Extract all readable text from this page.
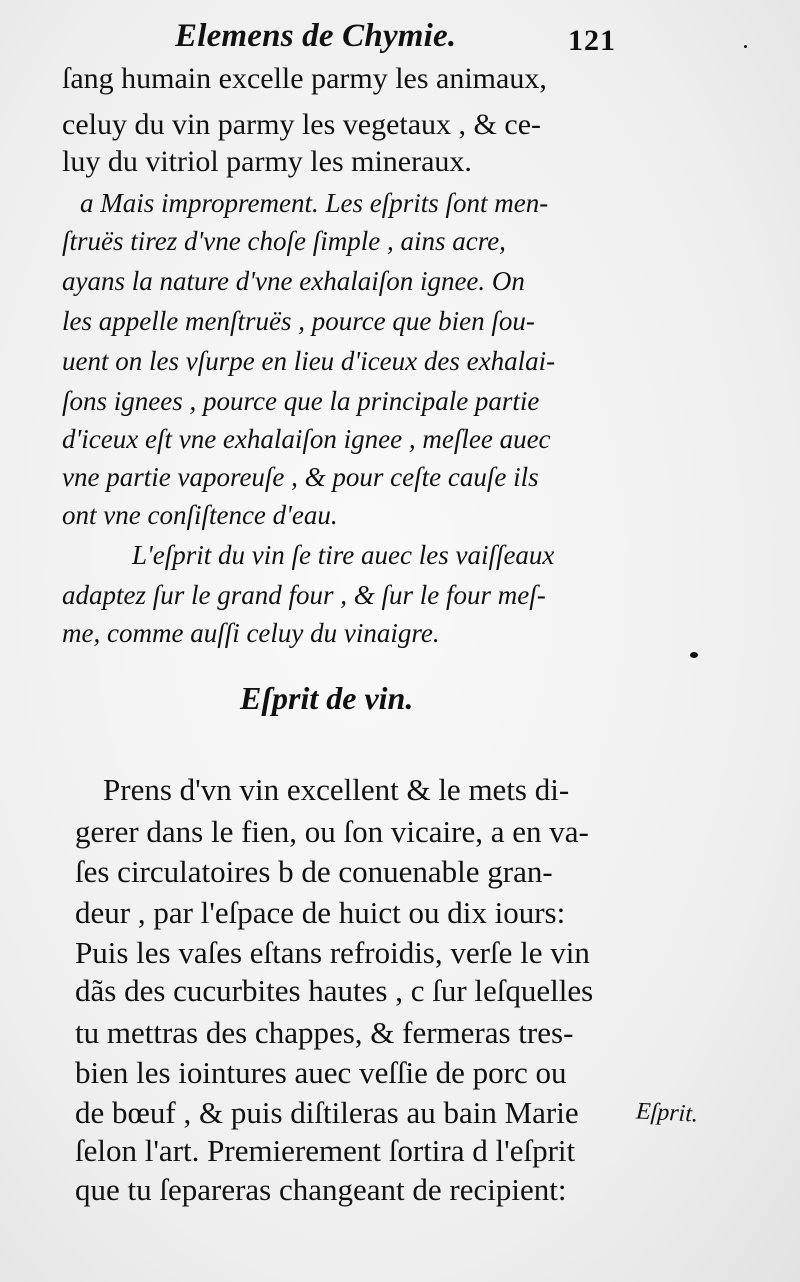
Elemens de Chymie.	121
ſang humain excelle parmy les animaux,
celuy du vin parmy les vegetaux , & ce-
luy du vitriol parmy les mineraux.
a Mais improprement. Les eſprits ſont men-
ſtruës tirez d'vne choſe ſimple , ains acre,
ayans la nature d'vne exhalaiſon ignee. On
les appelle menſtruës , pource que bien ſou-
uent on les vſurpe en lieu d'iceux des exhalai-
ſons ignees , pource que la principale partie
d'iceux eſt vne exhalaiſon ignee , meſlee auec
vne partie vaporeuſe , & pour ceſte cauſe ils
ont vne conſiſtence d'eau.
L'eſprit du vin ſe tire auec les vaiſſeaux
adaptez ſur le grand four , & ſur le four meſ-
me, comme auſſi celuy du vinaigre.
Eſprit de vin.
Prens d'vn vin excellent & le mets di-
gerer dans le fien, ou ſon vicaire, a en va-
ſes circulatoires b de conuenable gran-
deur , par l'eſpace de huict ou dix iours:
Puis les vaſes eſtans refroidis, verſe le vin
dãs des cucurbites hautes , c ſur leſquelles
tu mettras des chappes, & fermeras tres-
bien les iointures auec veſſie de porc ou
de bœuf , & puis diſtileras au bain Marie
ſelon l'art. Premierement ſortira d l'eſprit
que tu ſepareras changeant de recipient:
Eſprit.
